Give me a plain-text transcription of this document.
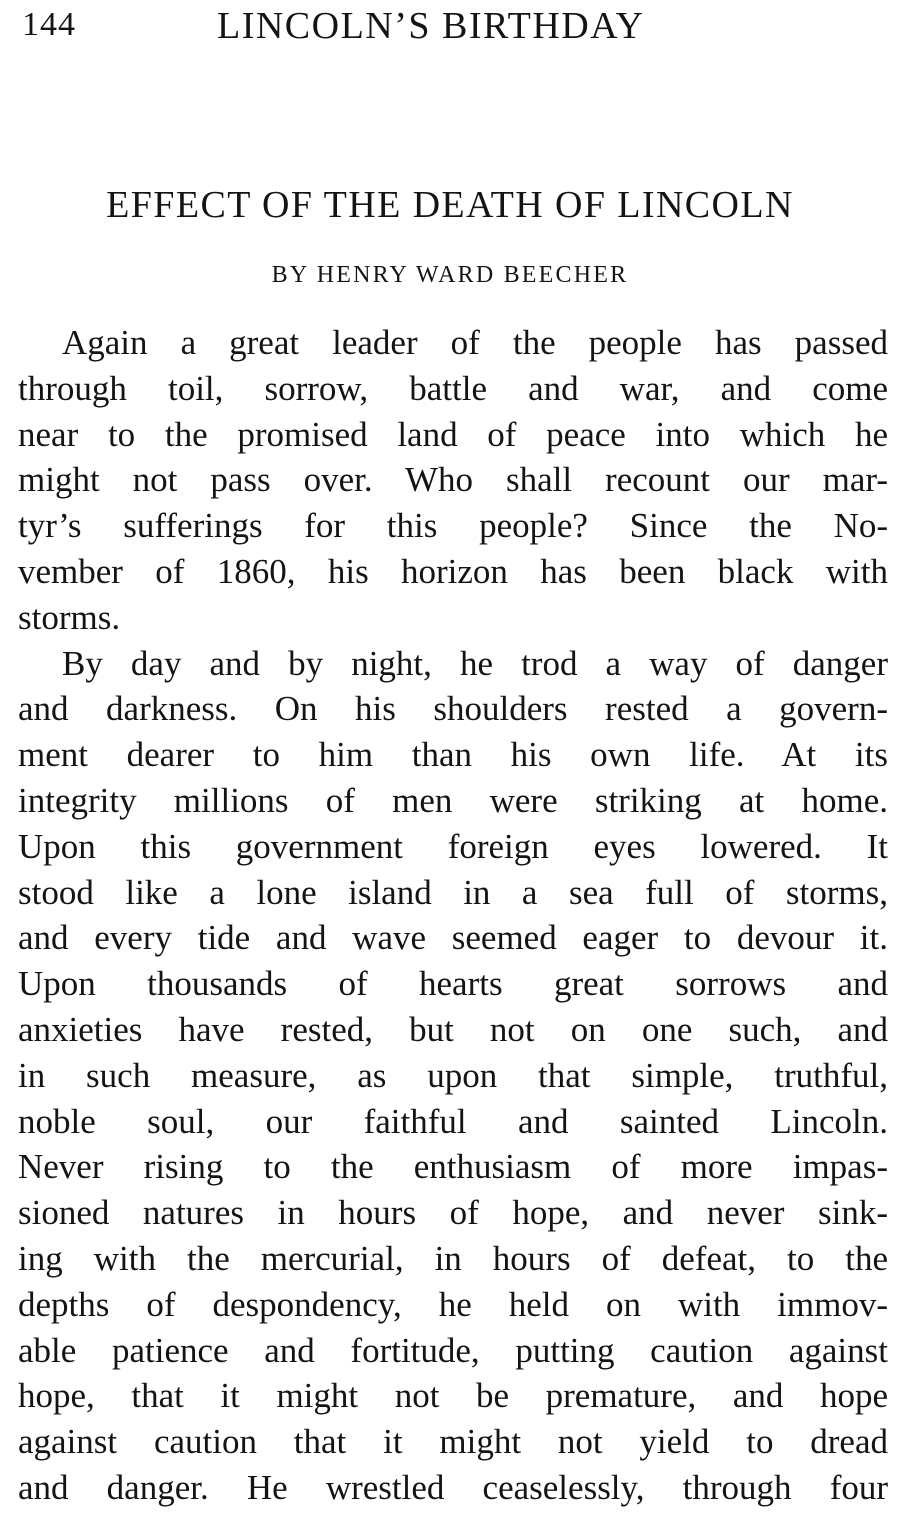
144	LINCOLN’S BIRTHDAY
EFFECT OF THE DEATH OF LINCOLN
BY HENRY WARD BEECHER
Again a great leader of the people has passed
through toil, sorrow, battle and war, and come
near to the promised land of peace into which he
might not pass over. Who shall recount our mar-
tyr’s sufferings for this people? Since the No-
vember of 1860, his horizon has been black with
storms.
By day and by night, he trod a way of danger
and darkness. On his shoulders rested a govern-
ment dearer to him than his own life. At its
integrity millions of men were striking at home.
Upon this government foreign eyes lowered. It
stood like a lone island in a sea full of storms,
and every tide and wave seemed eager to devour it.
Upon thousands of hearts great sorrows and
anxieties have rested, but not on one such, and
in such measure, as upon that simple, truthful,
noble soul, our faithful and sainted Lincoln.
Never rising to the enthusiasm of more impas-
sioned natures in hours of hope, and never sink-
ing with the mercurial, in hours of defeat, to the
depths of despondency, he held on with immov-
able patience and fortitude, putting caution against
hope, that it might not be premature, and hope
against caution that it might not yield to dread
and danger. He wrestled ceaselessly, through four
